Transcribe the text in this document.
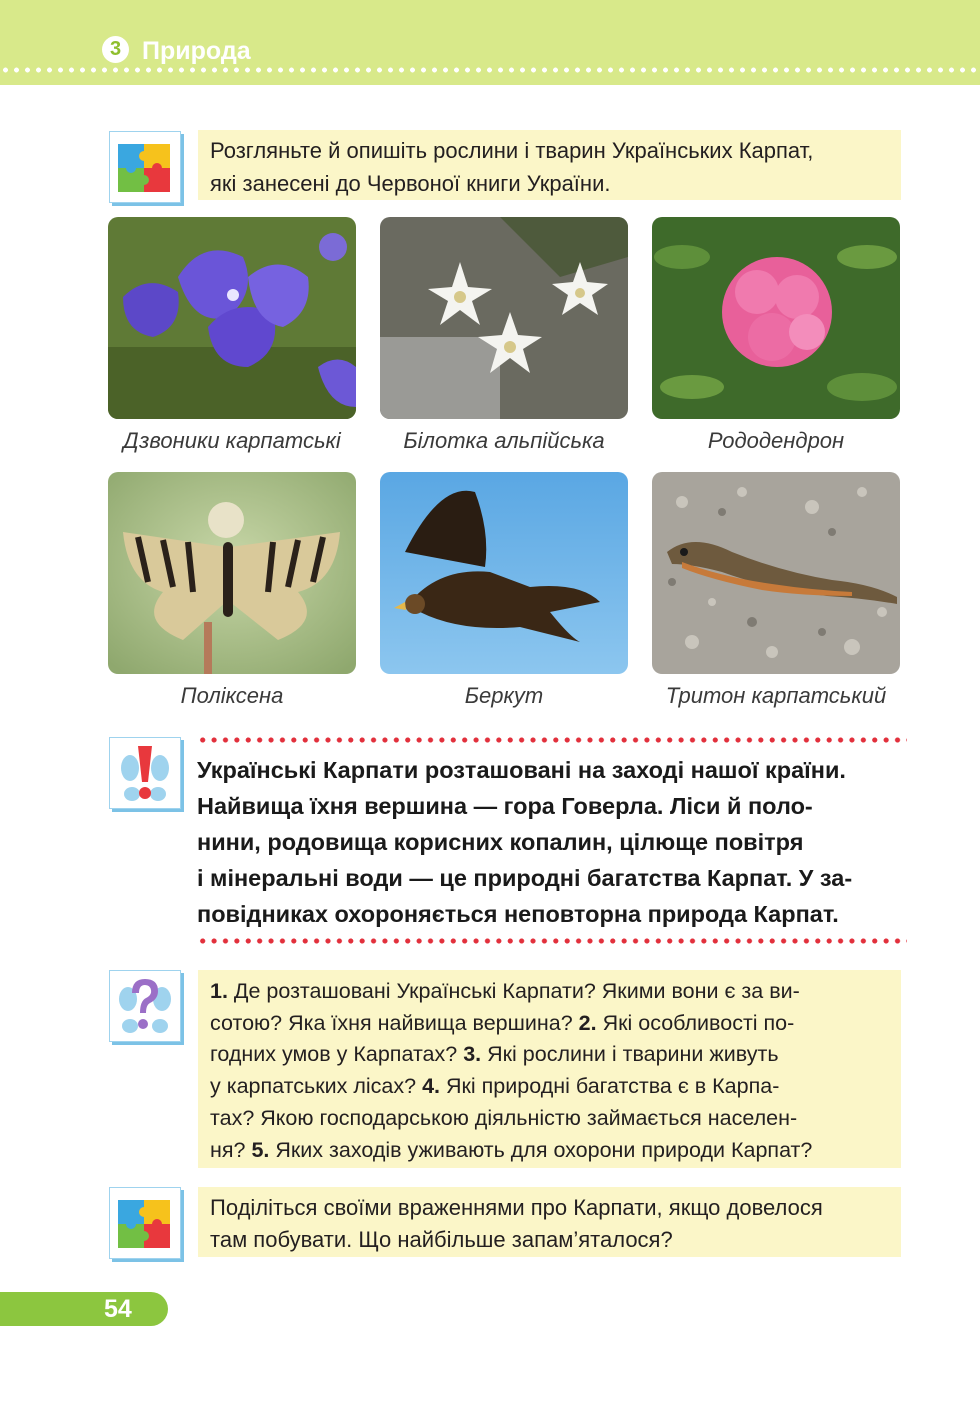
3 Природа
Розгляньте й опишіть рослини і тварин Українських Карпат,
які занесені до Червоної книги України.
Дзвоники карпатські	Білотка альпійська	Рододендрон
Поліксена	Беркут	Тритон карпатський
Українські Карпати розташовані на заході нашої країни.
Найвища їхня вершина — гора Говерла. Ліси й поло-
нини, родовища корисних копалин, цілюще повітря
і мінеральні води — це природні багатства Карпат. У за-
повідниках охороняється неповторна природа Карпат.
1. Де розташовані Українські Карпати? Якими вони є за ви-
сотою? Яка їхня найвища вершина? 2. Які особливості по-
годних умов у Карпатах? 3. Які рослини і тварини живуть
у карпатських лісах? 4. Які природні багатства є в Карпа-
тах? Якою господарською діяльністю займається населен-
ня? 5. Яких заходів уживають для охорони природи Карпат?
Поділіться своїми враженнями про Карпати, якщо довелося
там побувати. Що найбільше запам’яталося?
54
